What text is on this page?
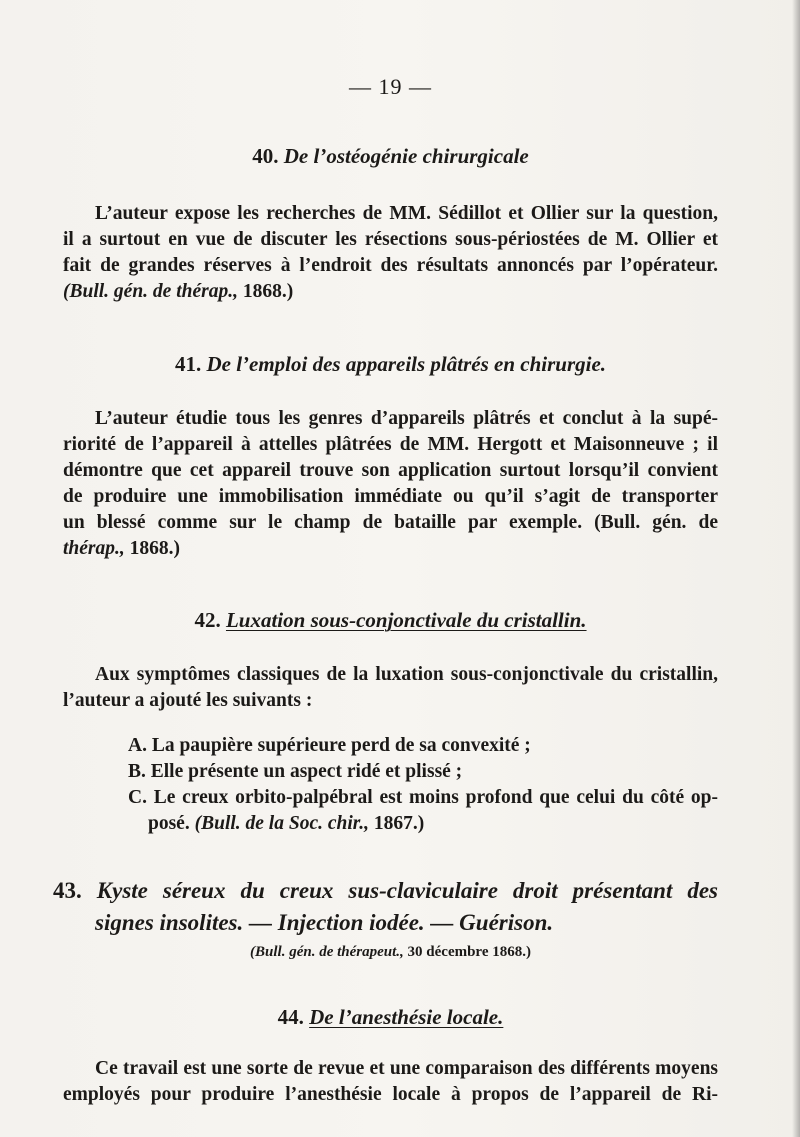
— 19 —
40. De l’ostéogénie chirurgicale
L’auteur expose les recherches de MM. Sédillot et Ollier sur la question,
il a surtout en vue de discuter les résections sous-périostées de M. Ollier et
fait de grandes réserves à l’endroit des résultats annoncés par l’opérateur.
(Bull. gén. de thérap., 1868.)
41. De l’emploi des appareils plâtrés en chirurgie.
L’auteur étudie tous les genres d’appareils plâtrés et conclut à la supé-
riorité de l’appareil à attelles plâtrées de MM. Hergott et Maisonneuve ; il
démontre que cet appareil trouve son application surtout lorsqu’il convient
de produire une immobilisation immédiate ou qu’il s’agit de transporter
un blessé comme sur le champ de bataille par exemple. (Bull. gén. de
thérap., 1868.)
42. Luxation sous-conjonctivale du cristallin.
Aux symptômes classiques de la luxation sous-conjonctivale du cristallin,
l’auteur a ajouté les suivants :
A. La paupière supérieure perd de sa convexité ;
B. Elle présente un aspect ridé et plissé ;
C. Le creux orbito-palpébral est moins profond que celui du côté op-
posé. (Bull. de la Soc. chir., 1867.)
43. Kyste séreux du creux sus-claviculaire droit présentant des
signes insolites. — Injection iodée. — Guérison.
(Bull. gén. de thérapeut., 30 décembre 1868.)
44. De l’anesthésie locale.
Ce travail est une sorte de revue et une comparaison des différents moyens
employés pour produire l’anesthésie locale à propos de l’appareil de Ri-
